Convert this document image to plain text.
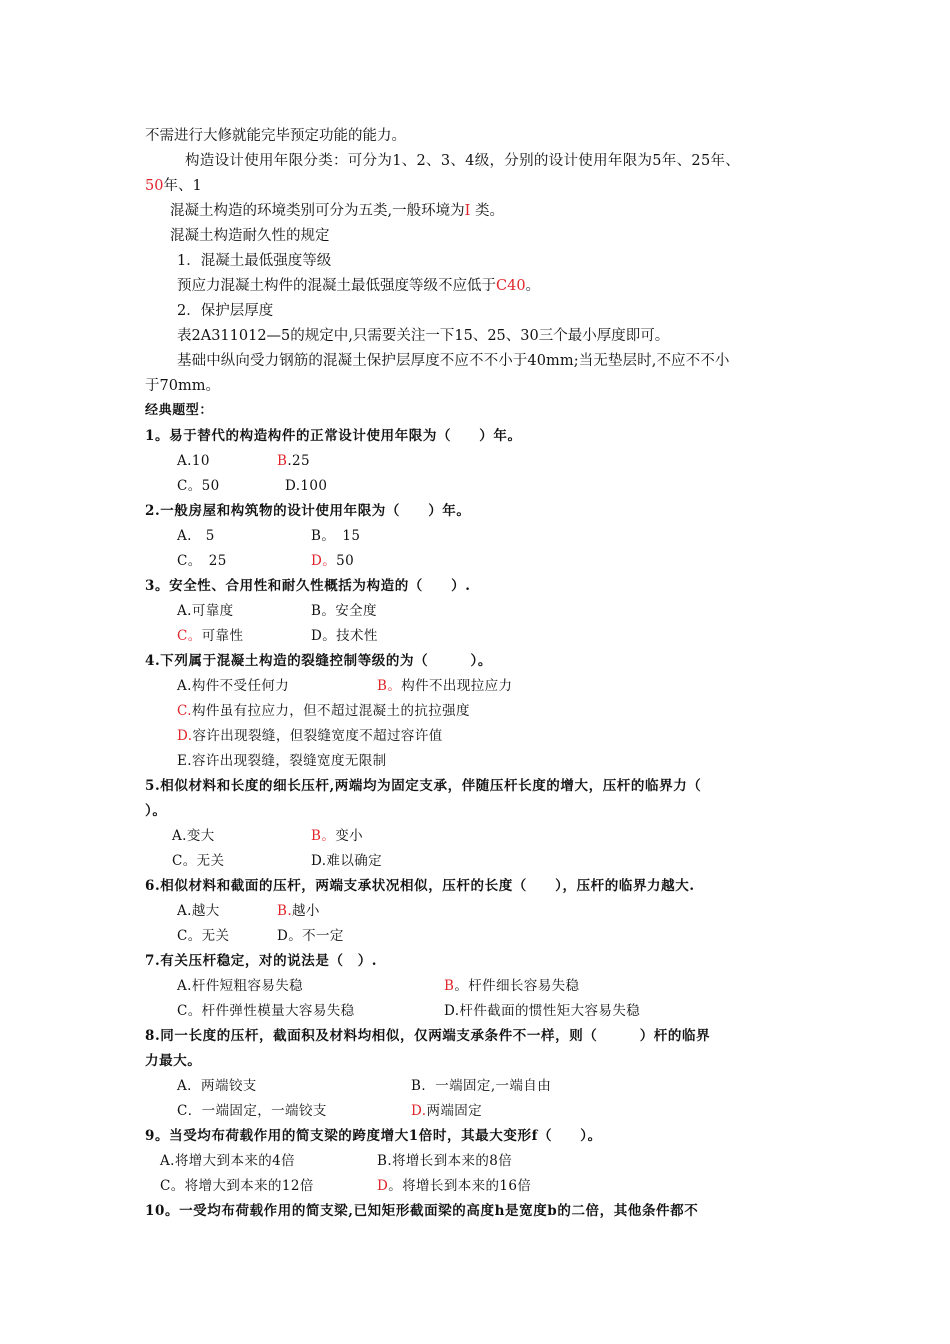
不需进行大修就能完毕预定功能的能力。
构造设计使用年限分类：可分为1、2、3、4级，分别的设计使用年限为5年、25年、
50年、1
混凝土构造的环境类别可分为五类,一般环境为I 类。
混凝土构造耐久性的规定
1．混凝土最低强度等级
预应力混凝土构件的混凝土最低强度等级不应低于C40。
2．保护层厚度
表2A311012—5的规定中,只需要关注一下15、25、30三个最小厚度即可。
基础中纵向受力钢筋的混凝土保护层厚度不应不不小于40mm;当无垫层时,不应不不小
于70mm。
经典题型：
1。易于替代的构造构件的正常设计使用年限为（　　）年。
A.10	B.25
C。50	D.100
2.一般房屋和构筑物的设计使用年限为（　　）年。
A.　5	B。　15
C。　25	D。50
3。安全性、合用性和耐久性概括为构造的（　　）.
A.可靠度	B。安全度
C。可靠性	D。技术性
4.下列属于混凝土构造的裂缝控制等级的为（　　　）。
A.构件不受任何力	B。构件不出现拉应力
C.构件虽有拉应力，但不超过混凝土的抗拉强度
D.容许出现裂缝，但裂缝宽度不超过容许值
E.容许出现裂缝，裂缝宽度无限制
5.相似材料和长度的细长压杆,两端均为固定支承，伴随压杆长度的增大，压杆的临界力（
）。
A.变大	B。变小
C。无关	D.难以确定
6.相似材料和截面的压杆，两端支承状况相似，压杆的长度（　　），压杆的临界力越大.
A.越大	B.越小
C。无关	D。不一定
7.有关压杆稳定，对的说法是（　）.
A.杆件短粗容易失稳	B。杆件细长容易失稳
C。杆件弹性模量大容易失稳	D.杆件截面的惯性矩大容易失稳
8.同一长度的压杆，截面积及材料均相似，仅两端支承条件不一样，则（　　　）杆的临界
力最大。
A．两端铰支	B．一端固定,一端自由
C．一端固定，一端铰支	D.两端固定
9。当受均布荷载作用的简支梁的跨度增大1倍时，其最大变形f（　　）。
A.将增大到本来的4倍	B.将增长到本来的8倍
C。将增大到本来的12倍	D。将增长到本来的16倍
10。一受均布荷载作用的简支梁,已知矩形截面梁的高度h是宽度b的二倍，其他条件都不
